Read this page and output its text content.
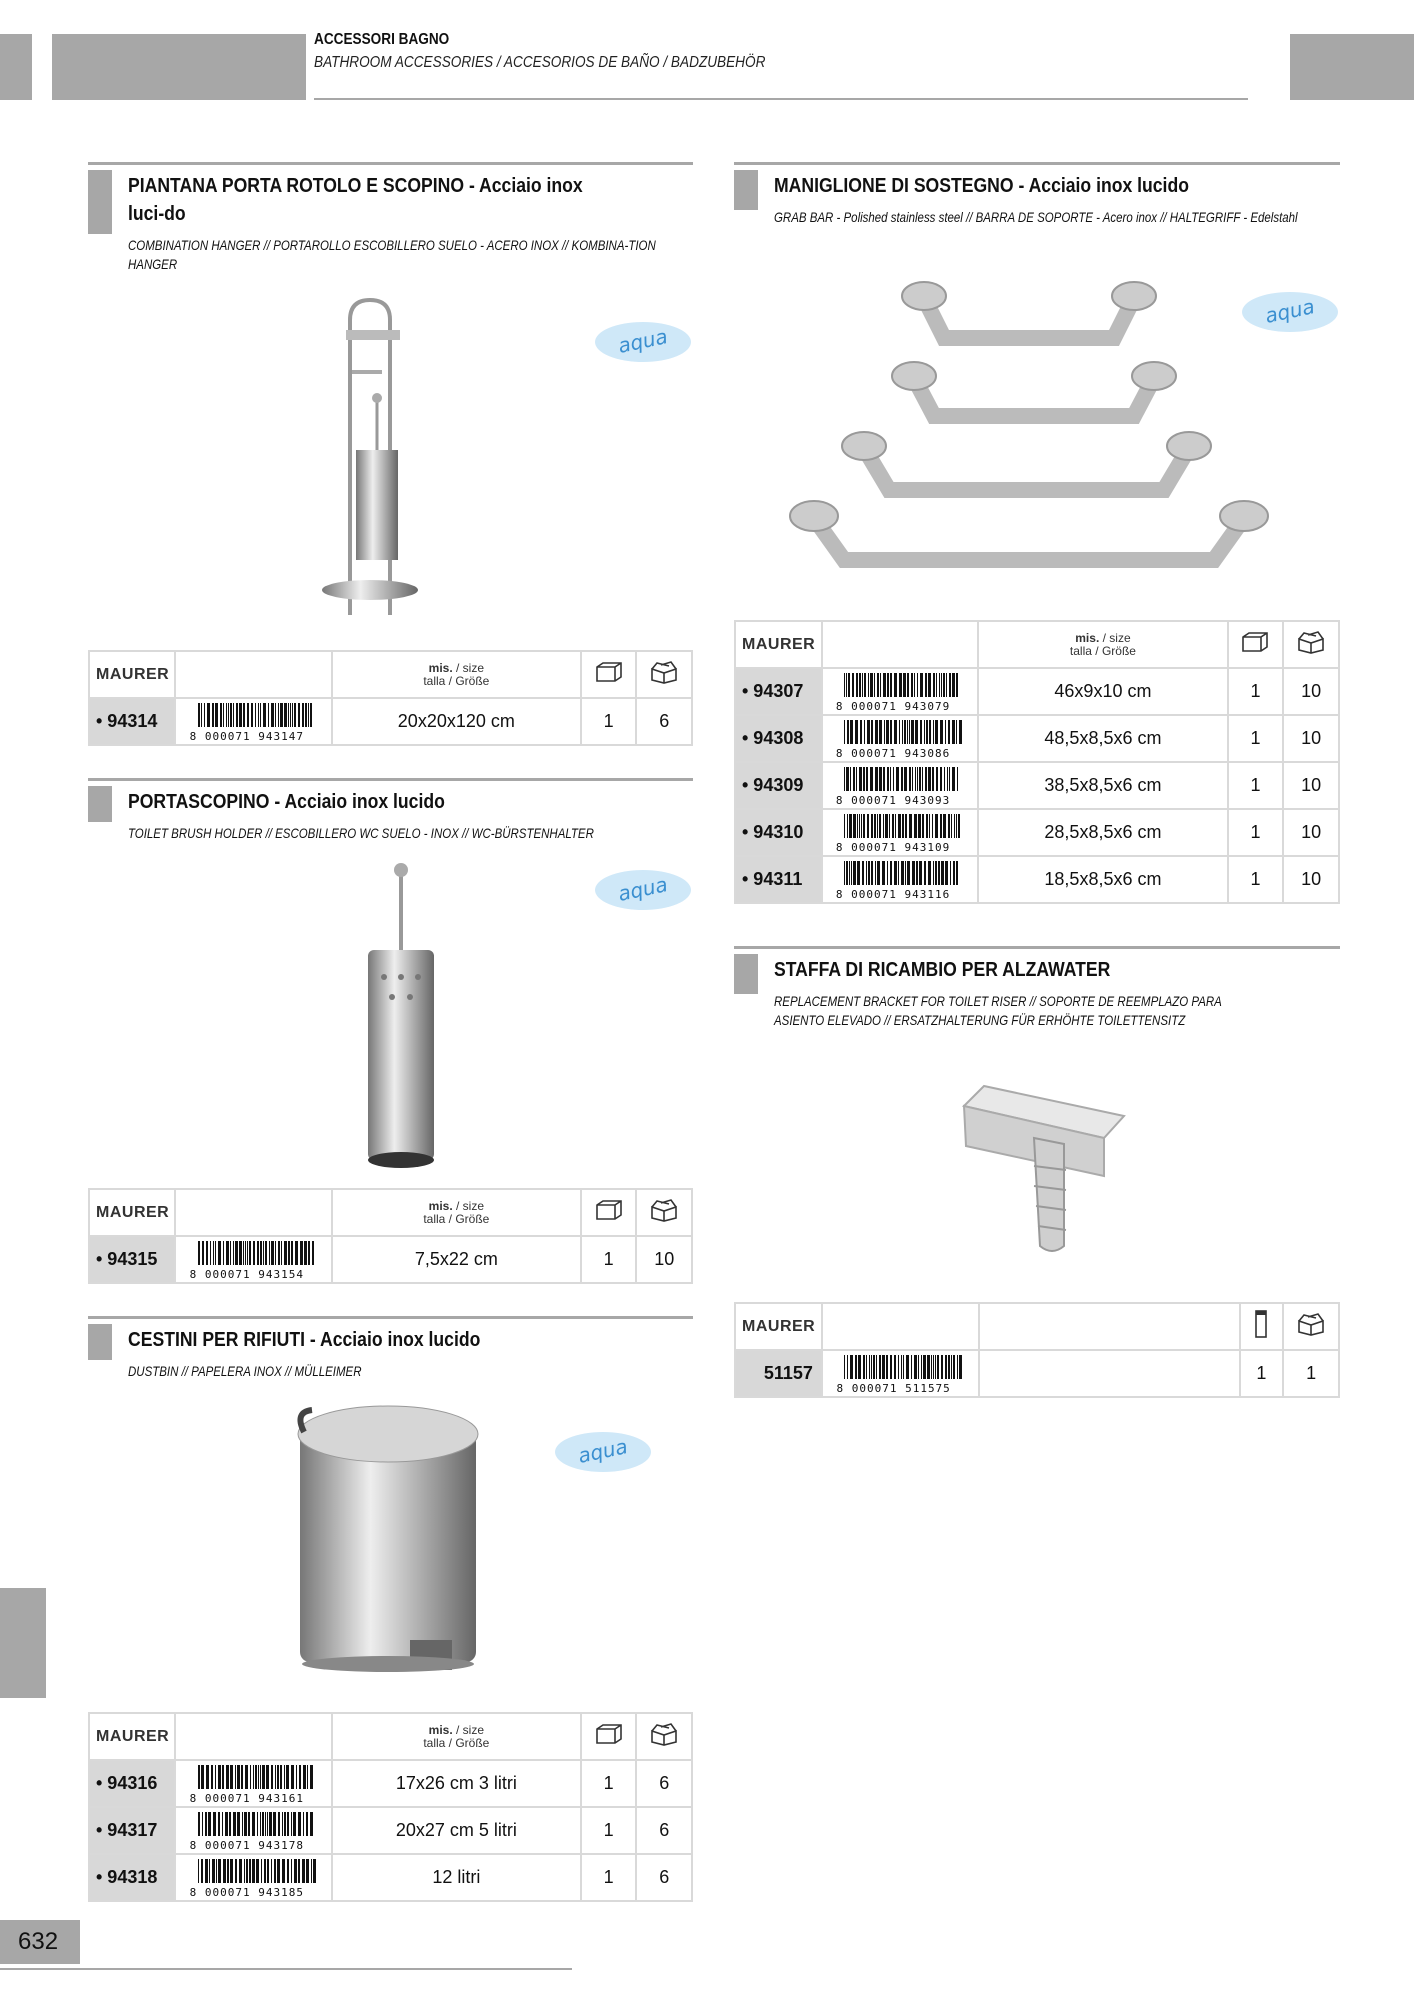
ACCESSORI BAGNO
BATHROOM ACCESSORIES / ACCESORIOS DE BAÑO / BADZUBEHÖR
632
PIANTANA PORTA ROTOLO E SCOPINO - Acciaio inox luci-do
COMBINATION HANGER // PORTAROLLO ESCOBILLERO SUELO - ACERO INOX // KOMBINA-TION HANGER
aqua
MAURER		mis. / size
talla / Größe

• 94314	8 000071 943147	20x20x120 cm	1	6
PORTASCOPINO - Acciaio inox lucido
TOILET BRUSH HOLDER // ESCOBILLERO WC SUELO - INOX // WC-BÜRSTENHALTER
aqua
MAURER		mis. / size
talla / Größe

• 94315	8 000071 943154	7,5x22 cm	1	10
CESTINI PER RIFIUTI - Acciaio inox lucido
DUSTBIN // PAPELERA INOX // MÜLLEIMER
aqua
MAURER		mis. / size
talla / Größe

• 94316	8 000071 943161	17x26 cm 3 litri	1	6
• 94317	8 000071 943178	20x27 cm 5 litri	1	6
• 94318	8 000071 943185	12 litri	1	6
MANIGLIONE DI SOSTEGNO - Acciaio inox lucido
GRAB BAR - Polished stainless steel // BARRA DE SOPORTE - Acero inox // HALTEGRIFF - Edelstahl
aqua
MAURER		mis. / size
talla / Größe

• 94307	8 000071 943079	46x9x10 cm	1	10
• 94308	8 000071 943086	48,5x8,5x6 cm	1	10
• 94309	8 000071 943093	38,5x8,5x6 cm	1	10
• 94310	8 000071 943109	28,5x8,5x6 cm	1	10
• 94311	8 000071 943116	18,5x8,5x6 cm	1	10
STAFFA DI RICAMBIO PER ALZAWATER
REPLACEMENT BRACKET FOR TOILET RISER // SOPORTE DE REEMPLAZO PARA ASIENTO ELEVADO // ERSATZHALTERUNG FÜR ERHÖHTE TOILETTENSITZ
MAURER				
51157	8 000071 511575		1	1
